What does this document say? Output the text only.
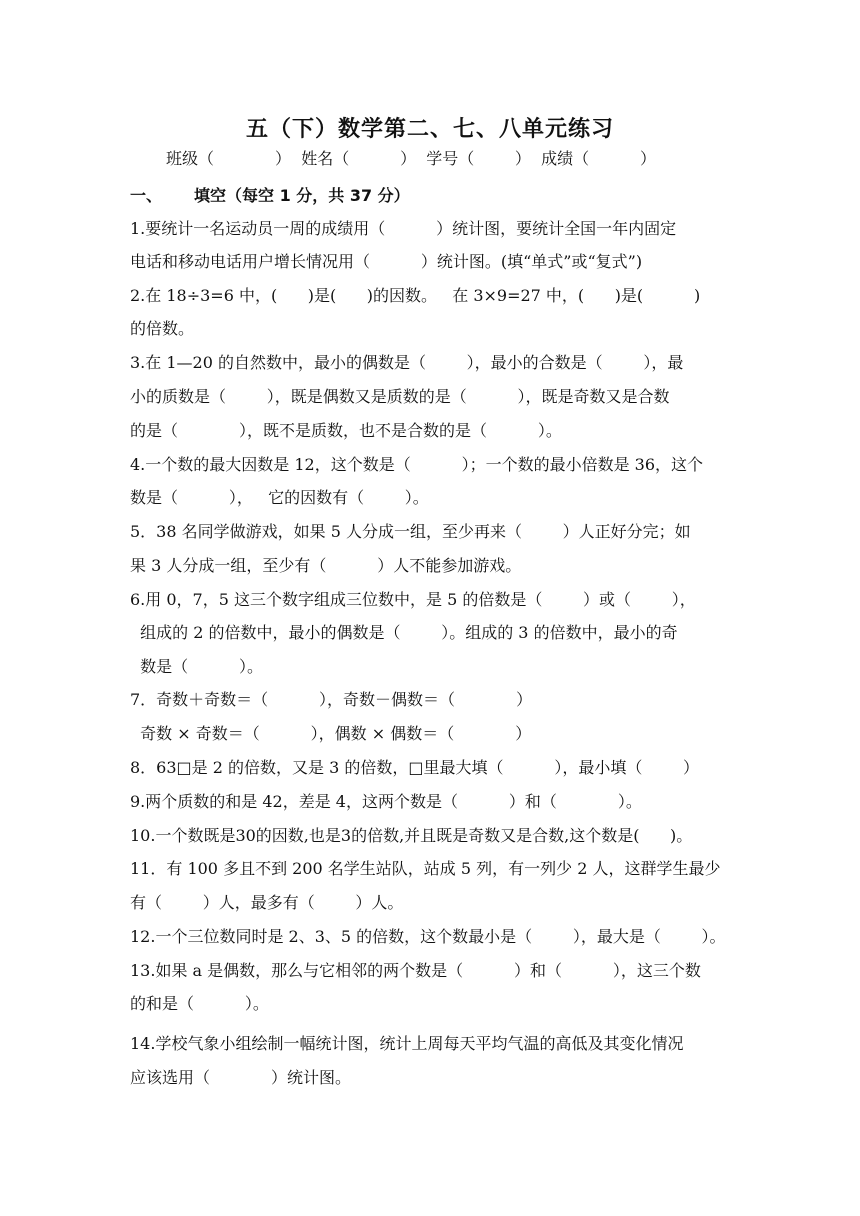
五（下）数学第二、七、八单元练习
班级（            ）  姓名（          ）  学号（        ）  成绩（          ）
一、 填空（每空 1 分，共 37 分）
1.要统计一名运动员一周的成绩用（          ）统计图，要统计全国一年内固定
电话和移动电话用户增长情况用（          ）统计图。(填“单式”或“复式”)
2.在 18÷3=6 中，(      )是(      )的因数。   在 3×9=27 中，(      )是(          )
的倍数。
3.在 1—20 的自然数中，最小的偶数是（        ），最小的合数是（        ），最
小的质数是（        ），既是偶数又是质数的是（          ），既是奇数又是合数
的是（            ），既不是质数，也不是合数的是（          ）。
4.一个数的最大因数是 12，这个数是（          ）；一个数的最小倍数是 36，这个
数是（          ），   它的因数有（        ）。
5．38 名同学做游戏，如果 5 人分成一组，至少再来（        ）人正好分完；如
果 3 人分成一组，至少有（          ）人不能参加游戏。
6.用 0，7，5 这三个数字组成三位数中，是 5 的倍数是（        ）或（        ），
组成的 2 的倍数中，最小的偶数是（        ）。组成的 3 的倍数中，最小的奇
数是（          ）。
7．奇数＋奇数＝（          ），奇数－偶数＝（            ）
奇数 × 奇数＝（          ），偶数 × 偶数＝（            ）
8．63□是 2 的倍数，又是 3 的倍数，□里最大填（          ），最小填（        ）
9.两个质数的和是 42，差是 4，这两个数是（          ）和（            ）。
10.一个数既是30的因数,也是3的倍数,并且既是奇数又是合数,这个数是(      )。
11．有 100 多且不到 200 名学生站队，站成 5 列，有一列少 2 人，这群学生最少
有（        ）人，最多有（        ）人。
12.一个三位数同时是 2、3、5 的倍数，这个数最小是（        ），最大是（        ）。
13.如果 a 是偶数，那么与它相邻的两个数是（          ）和（          ），这三个数
的和是（          ）。
14.学校气象小组绘制一幅统计图，统计上周每天平均气温的高低及其变化情况
应该选用（            ）统计图。
